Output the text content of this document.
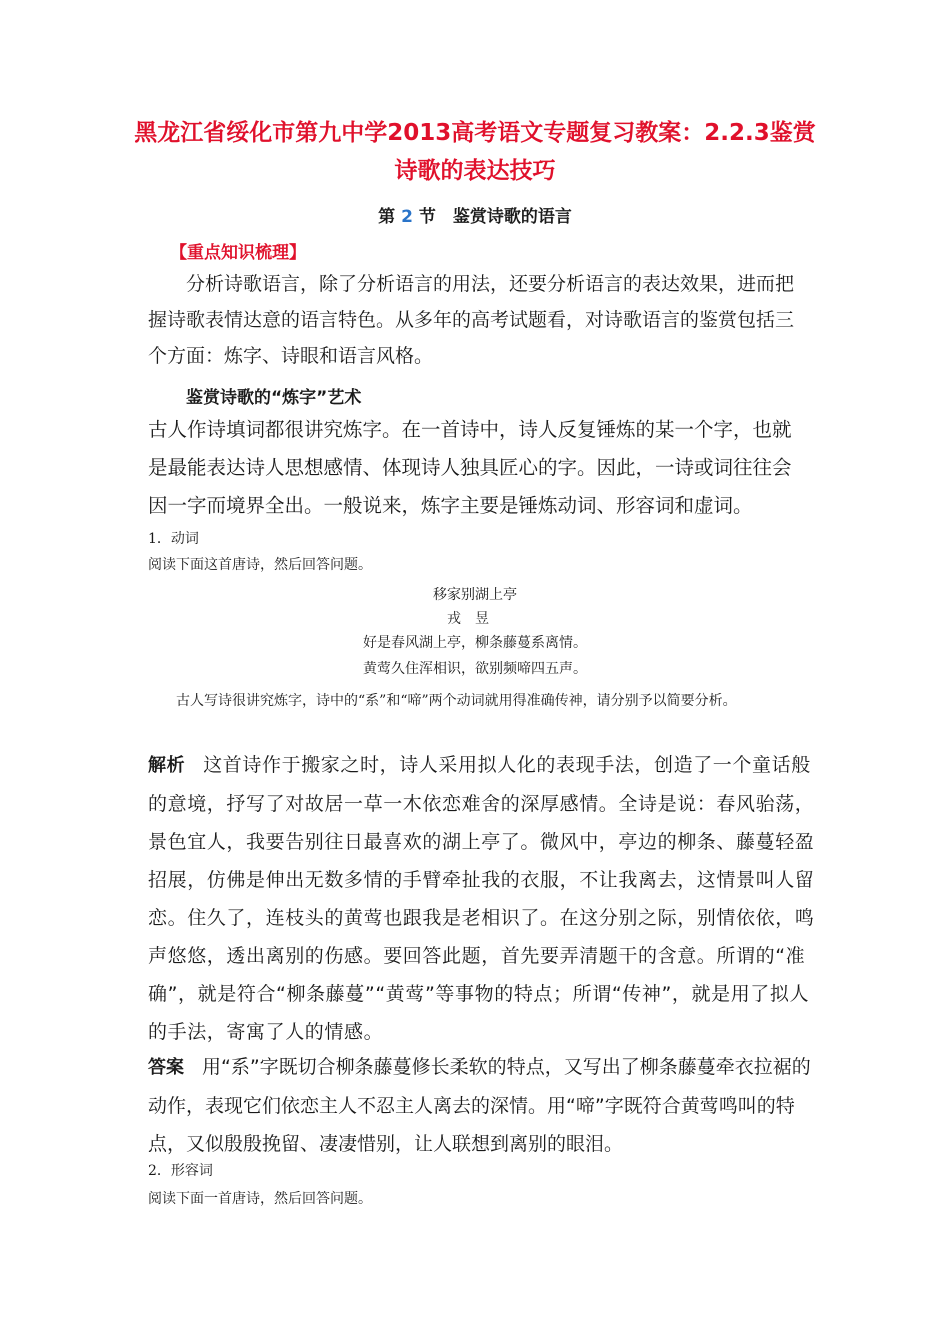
黑龙江省绥化市第九中学2013高考语文专题复习教案：2.2.3鉴赏
诗歌的表达技巧
第 2 节　鉴赏诗歌的语言
【重点知识梳理】

分析诗歌语言，除了分析语言的用法，还要分析语言的表达效果，进而把握诗歌表情达意的语言特色。从多年的高考试题看，对诗歌语言的鉴赏包括三个方面：炼字、诗眼和语言风格。

鉴赏诗歌的“炼字”艺术

古人作诗填词都很讲究炼字。在一首诗中，诗人反复锤炼的某一个字，也就是最能表达诗人思想感情、体现诗人独具匠心的字。因此，一诗或词往往会因一字而境界全出。一般说来，炼字主要是锤炼动词、形容词和虚词。

1．动词

阅读下面这首唐诗，然后回答问题。

移家别湖上亭

戎昱

好是春风湖上亭，柳条藤蔓系离情。

黄莺久住浑相识，欲别频啼四五声。

古人写诗很讲究炼字，诗中的“系”和“啼”两个动词就用得准确传神，请分别予以简要分析。

解析 这首诗作于搬家之时，诗人采用拟人化的表现手法，创造了一个童话般的意境，抒写了对故居一草一木依恋难舍的深厚感情。全诗是说：春风骀荡，景色宜人，我要告别往日最喜欢的湖上亭了。微风中，亭边的柳条、藤蔓轻盈招展，仿佛是伸出无数多情的手臂牵扯我的衣服，不让我离去，这情景叫人留恋。住久了，连枝头的黄莺也跟我是老相识了。在这分别之际，别情依依，鸣声悠悠，透出离别的伤感。要回答此题，首先要弄清题干的含意。所谓的“准确”，就是符合“柳条藤蔓”“黄莺”等事物的特点；所谓“传神”，就是用了拟人的手法，寄寓了人的情感。

答案 用“系”字既切合柳条藤蔓修长柔软的特点，又写出了柳条藤蔓牵衣拉裾的动作，表现它们依恋主人不忍主人离去的深情。用“啼”字既符合黄莺鸣叫的特点，又似殷殷挽留、凄凄惜别，让人联想到离别的眼泪。

2．形容词

阅读下面一首唐诗，然后回答问题。
